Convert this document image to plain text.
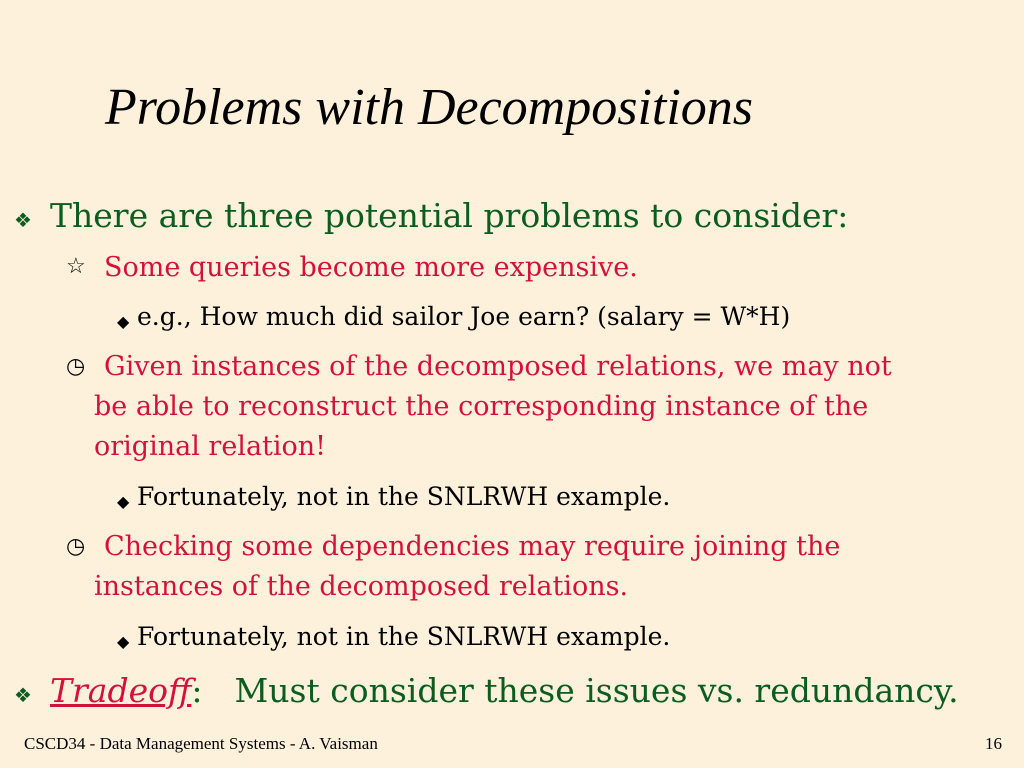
Problems with Decompositions
❖ There are three potential problems to consider:
☆ Some queries become more expensive.
◆ e.g., How much did sailor Joe earn? (salary = W*H)
◷ Given instances of the decomposed relations, we may not
be able to reconstruct the corresponding instance of the
original relation!
◆ Fortunately, not in the SNLRWH example.
◷ Checking some dependencies may require joining the
instances of the decomposed relations.
◆ Fortunately, not in the SNLRWH example.
❖ Tradeoff: Must consider these issues vs. redundancy.
CSCD34 - Data Management Systems - A. Vaisman	16
